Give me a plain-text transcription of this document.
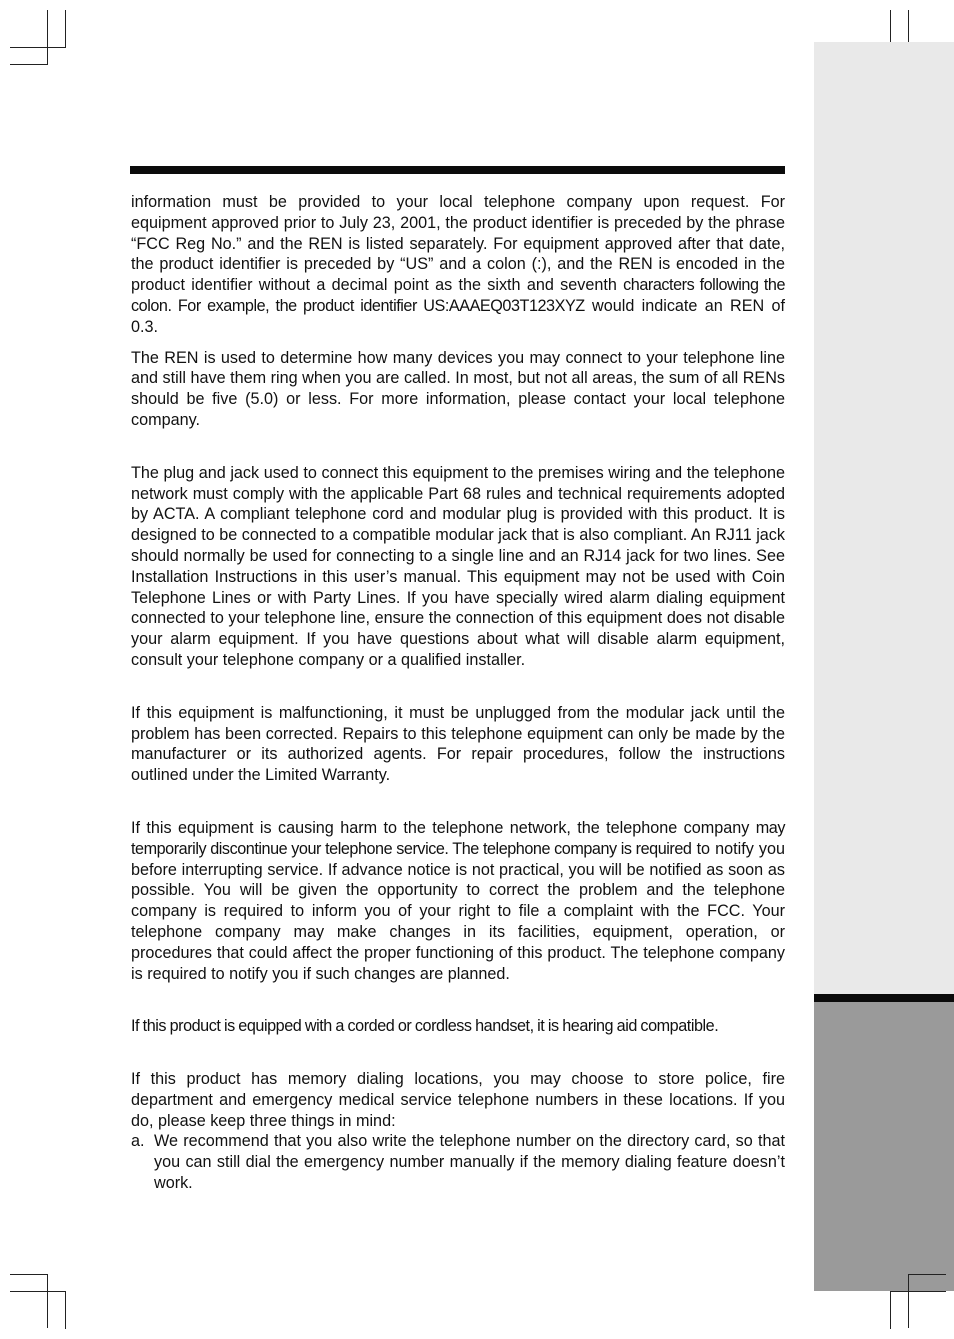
information must be provided to your local telephone company upon request. For equipment approved prior to July 23, 2001, the product identifier is preceded by the phrase “FCC Reg No.” and the REN is listed separately. For equipment approved after that date, the product identifier is preceded by “US” and a colon (:), and the REN is encoded in the product identifier without a decimal point as the sixth and seventh characters following the colon. For example, the product identifier US:AAAEQ03T123XYZ would indicate an REN of 0.3.

The REN is used to determine how many devices you may connect to your telephone line and still have them ring when you are called. In most, but not all areas, the sum of all RENs should be five (5.0) or less. For more information, please contact your local telephone company.

The plug and jack used to connect this equipment to the premises wiring and the telephone network must comply with the applicable Part 68 rules and technical requirements adopted by ACTA. A compliant telephone cord and modular plug is provided with this product. It is designed to be connected to a compatible modular jack that is also compliant. An RJ11 jack should normally be used for connecting to a single line and an RJ14 jack for two lines. See Installation Instructions in this user’s manual. This equipment may not be used with Coin Telephone Lines or with Party Lines. If you have specially wired alarm dialing equipment connected to your telephone line, ensure the connection of this equipment does not disable your alarm equipment. If you have questions about what will disable alarm equipment, consult your telephone company or a qualified installer.

If this equipment is malfunctioning, it must be unplugged from the modular jack until the problem has been corrected. Repairs to this telephone equipment can only be made by the manufacturer or its authorized agents. For repair procedures, follow the instructions outlined under the Limited Warranty.

If this equipment is causing harm to the telephone network, the telephone company may temporarily discontinue your telephone service. The telephone company is required to notify you before interrupting service. If advance notice is not practical, you will be notified as soon as possible. You will be given the opportunity to correct the problem and the telephone company is required to inform you of your right to file a complaint with the FCC. Your telephone company may make changes in its facilities, equipment, operation, or procedures that could affect the proper functioning of this product. The telephone company is required to notify you if such changes are planned.

If this product is equipped with a corded or cordless handset, it is hearing aid compatible.

If this product has memory dialing locations, you may choose to store police, fire department and emergency medical service telephone numbers in these locations. If you do, please keep three things in mind:

a. We recommend that you also write the telephone number on the directory card, so that you can still dial the emergency number manually if the memory dialing feature doesn’t work.
